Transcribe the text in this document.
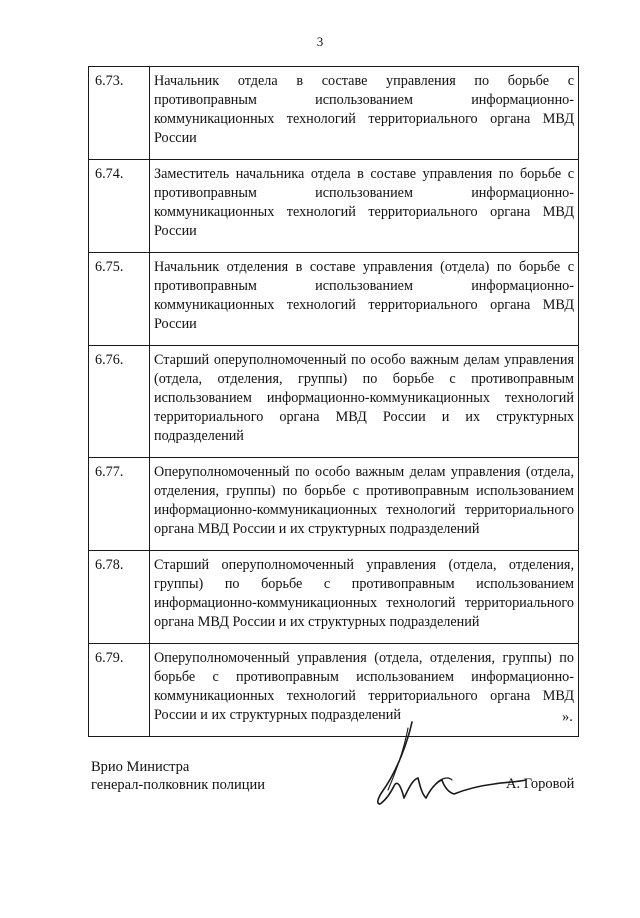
3
6.73.	Начальник отдела в составе управления по борьбе с противоправным использованием информационно-коммуникационных технологий территориального органа МВД России
6.74.	Заместитель начальника отдела в составе управления по борьбе с противоправным использованием информационно-коммуникационных технологий территориального органа МВД России
6.75.	Начальник отделения в составе управления (отдела) по борьбе с противоправным использованием информационно-коммуникационных технологий территориального органа МВД России
6.76.	Старший оперуполномоченный по особо важным делам управления (отдела, отделения, группы) по борьбе с противоправным использованием информационно-коммуникационных технологий территориального органа МВД России и их структурных подразделений
6.77.	Оперуполномоченный по особо важным делам управления (отдела, отделения, группы) по борьбе с противоправным использованием информационно-коммуникационных технологий территориального органа МВД России и их структурных подразделений
6.78.	Старший оперуполномоченный управления (отдела, отделения, группы) по борьбе с противоправным использованием информационно-коммуникационных технологий территориального органа МВД России и их структурных подразделений
6.79.	Оперуполномоченный управления (отдела, отделения, группы) по борьбе с противоправным использованием информационно-коммуникационных технологий территориального органа МВД России и их структурных подразделений	».
Врио Министра
генерал-полковник полиции	А. Горовой
